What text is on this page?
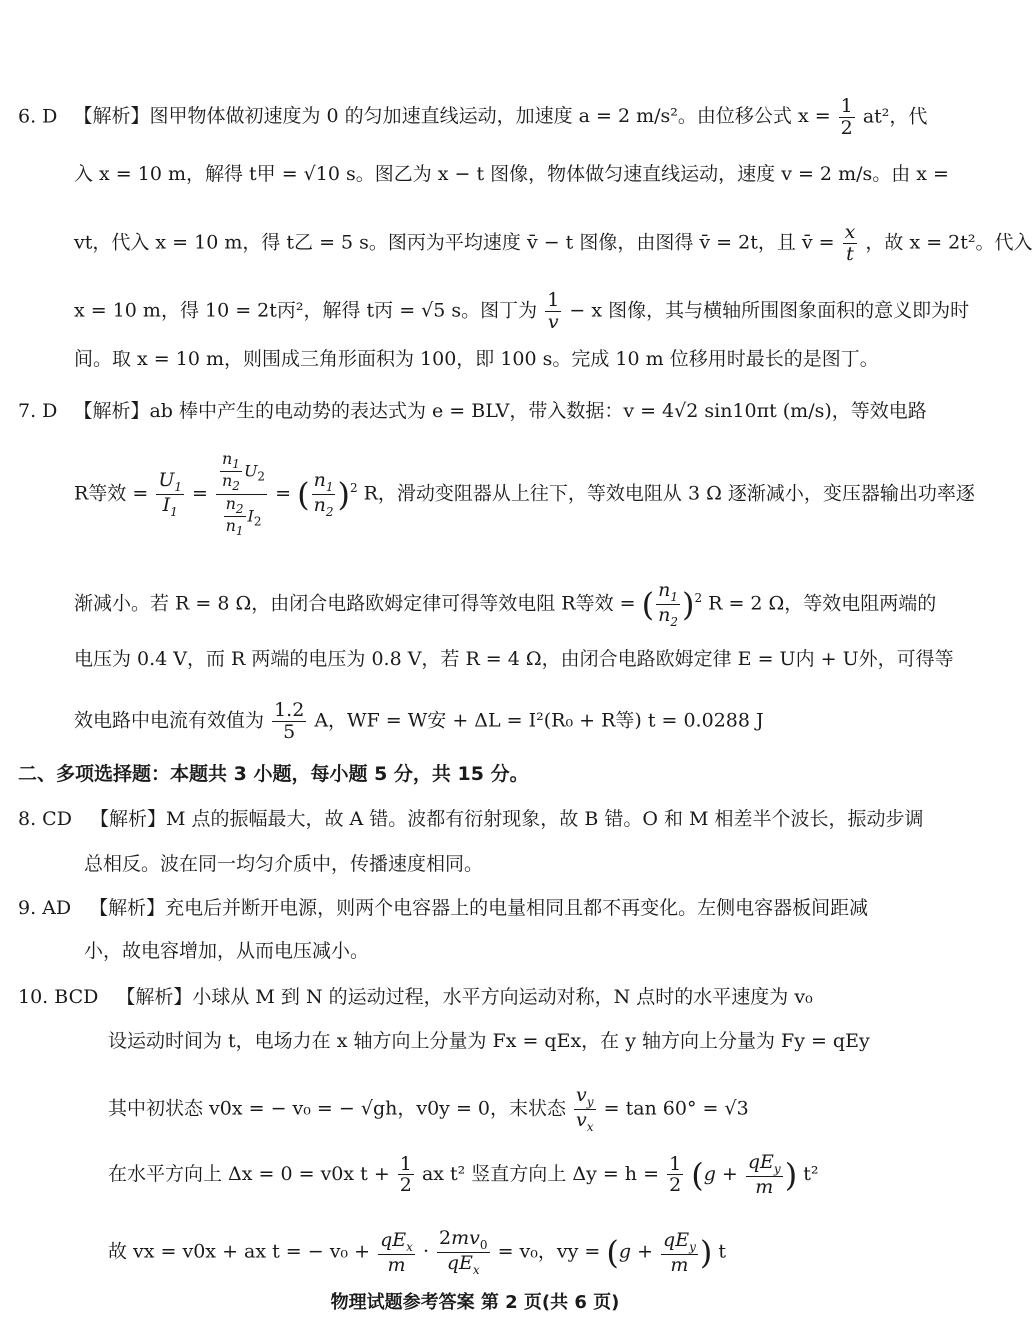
6. D 【解析】图甲物体做初速度为 0 的匀加速直线运动，加速度 a = 2 m/s²。由位移公式 $x = \frac{1}{2} at^2$，代
入 x = 10 m，解得 t甲 = √10 s。图乙为 x − t 图像，物体做匀速直线运动，速度 v = 2 m/s。由 x =
vt，代入 x = 10 m，得 t乙 = 5 s。图丙为平均速度 v̄ − t 图像，由图得 v̄ = 2t，且 v̄ = $\frac{x}{t}$ ，故 x = 2t²。代入
x = 10 m，得 10 = 2t丙²，解得 t丙 = √5 s。图丁为 $\frac{1}{v} - x$ 图像，其与横轴所围图象面积的意义即为时
间。取 x = 10 m，则围成三角形面积为 100，即 100 s。完成 10 m 位移用时最长的是图丁。
7. D 【解析】ab 棒中产生的电动势的表达式为 e = BLV，带入数据：v = 4√2 sin10πt (m/s)，等效电路
R等效 = $\frac{U_1}{I_1} = \frac{\frac{n_1}{n_2} U_2}{\frac{n_2}{n_1} I_2}$ = ( $\frac{n_1}{n_2} )^2$ R，滑动变阻器从上往下，等效电阻从 3 Ω 逐渐减小，变压器输出功率逐
渐减小。若 R = 8 Ω，由闭合电路欧姆定律可得等效电阻 R等效 = ( $\frac{n_1}{n_2} )^2$ R = 2 Ω，等效电阻两端的
电压为 0.4 V，而 R 两端的电压为 0.8 V，若 R = 4 Ω，由闭合电路欧姆定律 E = U内 + U外，可得等
效电路中电流有效值为 $\frac{1.2}{5}$ A，WF = W安 + ΔL = I²(R₀ + R等) t = 0.0288 J
二、多项选择题：本题共 3 小题，每小题 5 分，共 15 分。
8. CD 【解析】M 点的振幅最大，故 A 错。波都有衍射现象，故 B 错。O 和 M 相差半个波长，振动步调
总相反。波在同一均匀介质中，传播速度相同。
9. AD 【解析】充电后并断开电源，则两个电容器上的电量相同且都不再变化。左侧电容器板间距减
小，故电容增加，从而电压减小。
10. BCD 【解析】小球从 M 到 N 的运动过程，水平方向运动对称，N 点时的水平速度为 v₀
设运动时间为 t，电场力在 x 轴方向上分量为 Fx = qEx，在 y 轴方向上分量为 Fy = qEy
其中初状态 v0x = − v₀ = − √gh，v0y = 0，末状态 $\frac{v_y}{v_x} = \tan 60^\circ = √3$
在水平方向上 Δx = 0 = v0x $t + \frac{1}{2}$ ax t² 竖直方向上 $\Delta y = h = \frac{1}{2} (g + \frac{qE_y}{m}$ ) t²
故 vx = v0x + ax t = − $v_0 + \frac{qE_x}{m} \cdot \frac{2mv_0}{qE_x} = v_0$，vy = ($g + \frac{qE_y}{m}$ ) t
物理试题参考答案 第 2 页(共 6 页)
